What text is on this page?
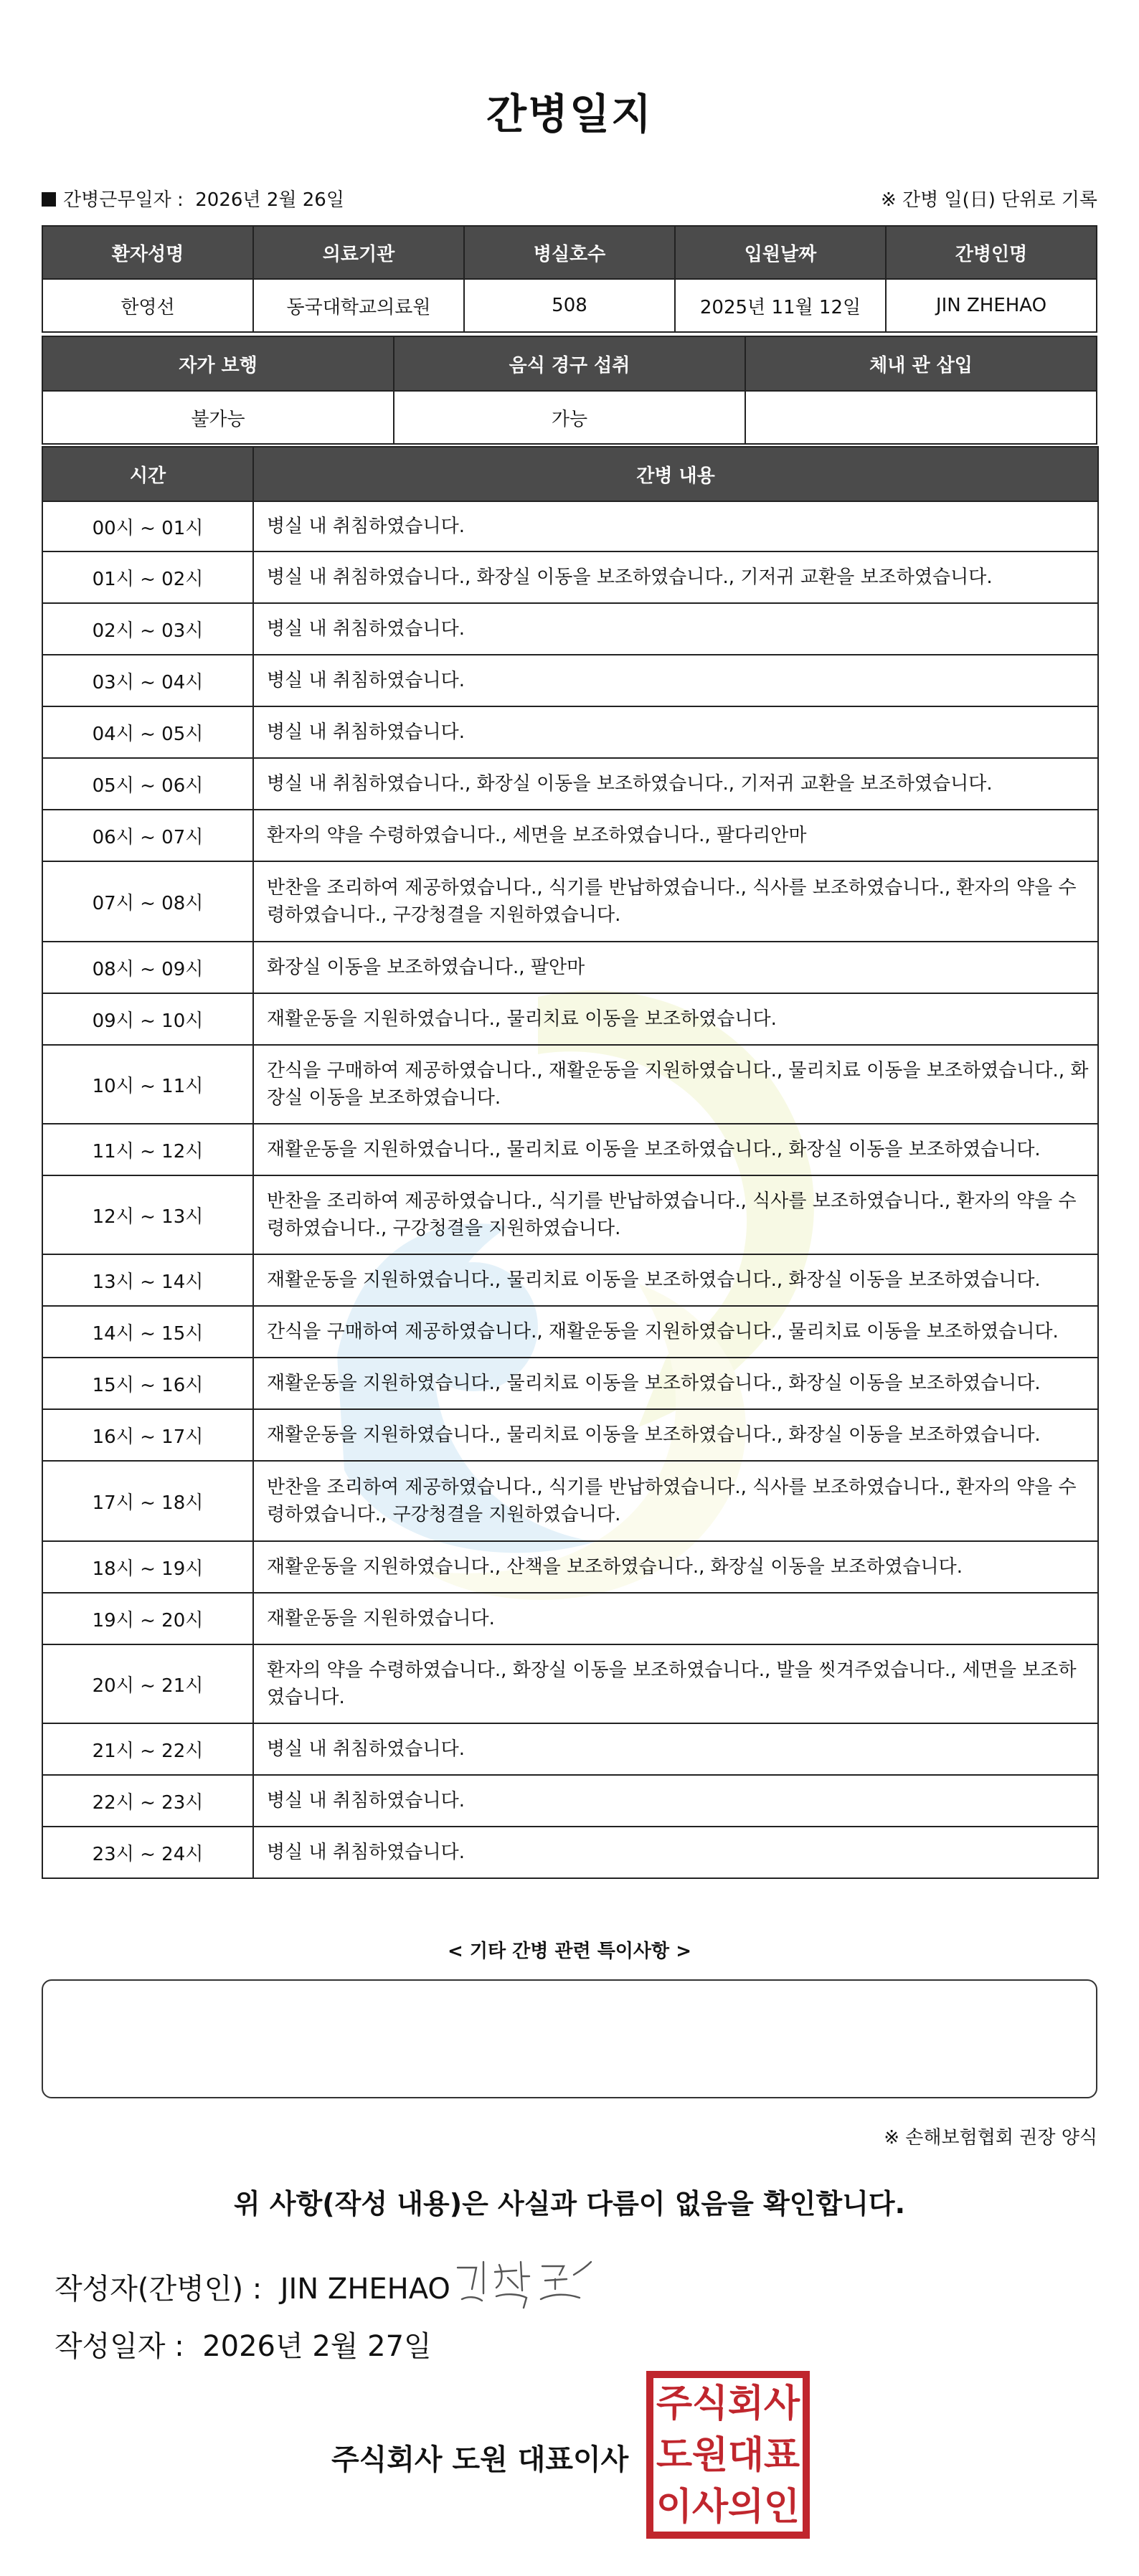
간병일지
간병근무일자 : 2026년 2월 26일	※ 간병 일(日) 단위로 기록
환자성명	의료기관	병실호수	입원날짜	간병인명
한영선	동국대학교의료원	508	2025년 11월 12일	JIN ZHEHAO
자가 보행	음식 경구 섭취	체내 관 삽입
불가능	가능	
시간	간병 내용
00시 ~ 01시	병실 내 취침하였습니다.
01시 ~ 02시	병실 내 취침하였습니다., 화장실 이동을 보조하였습니다., 기저귀 교환을 보조하였습니다.
02시 ~ 03시	병실 내 취침하였습니다.
03시 ~ 04시	병실 내 취침하였습니다.
04시 ~ 05시	병실 내 취침하였습니다.
05시 ~ 06시	병실 내 취침하였습니다., 화장실 이동을 보조하였습니다., 기저귀 교환을 보조하였습니다.
06시 ~ 07시	환자의 약을 수령하였습니다., 세면을 보조하였습니다., 팔다리안마
07시 ~ 08시	반찬을 조리하여 제공하였습니다., 식기를 반납하였습니다., 식사를 보조하였습니다., 환자의 약을 수령하였습니다., 구강청결을 지원하였습니다.
08시 ~ 09시	화장실 이동을 보조하였습니다., 팔안마
09시 ~ 10시	재활운동을 지원하였습니다., 물리치료 이동을 보조하였습니다.
10시 ~ 11시	간식을 구매하여 제공하였습니다., 재활운동을 지원하였습니다., 물리치료 이동을 보조하였습니다., 화장실 이동을 보조하였습니다.
11시 ~ 12시	재활운동을 지원하였습니다., 물리치료 이동을 보조하였습니다., 화장실 이동을 보조하였습니다.
12시 ~ 13시	반찬을 조리하여 제공하였습니다., 식기를 반납하였습니다., 식사를 보조하였습니다., 환자의 약을 수령하였습니다., 구강청결을 지원하였습니다.
13시 ~ 14시	재활운동을 지원하였습니다., 물리치료 이동을 보조하였습니다., 화장실 이동을 보조하였습니다.
14시 ~ 15시	간식을 구매하여 제공하였습니다., 재활운동을 지원하였습니다., 물리치료 이동을 보조하였습니다.
15시 ~ 16시	재활운동을 지원하였습니다., 물리치료 이동을 보조하였습니다., 화장실 이동을 보조하였습니다.
16시 ~ 17시	재활운동을 지원하였습니다., 물리치료 이동을 보조하였습니다., 화장실 이동을 보조하였습니다.
17시 ~ 18시	반찬을 조리하여 제공하였습니다., 식기를 반납하였습니다., 식사를 보조하였습니다., 환자의 약을 수령하였습니다., 구강청결을 지원하였습니다.
18시 ~ 19시	재활운동을 지원하였습니다., 산책을 보조하였습니다., 화장실 이동을 보조하였습니다.
19시 ~ 20시	재활운동을 지원하였습니다.
20시 ~ 21시	환자의 약을 수령하였습니다., 화장실 이동을 보조하였습니다., 발을 씻겨주었습니다., 세면을 보조하였습니다.
21시 ~ 22시	병실 내 취침하였습니다.
22시 ~ 23시	병실 내 취침하였습니다.
23시 ~ 24시	병실 내 취침하였습니다.
< 기타 간병 관련 특이사항 >
※ 손해보험협회 권장 양식
위 사항(작성 내용)은 사실과 다름이 없음을 확인합니다.
작성자(간병인) : JIN ZHEHAO
작성일자 : 2026년 2월 27일
주식회사 도원 대표이사
주 식 회 사
도 원 대 표
이 사 의 인
